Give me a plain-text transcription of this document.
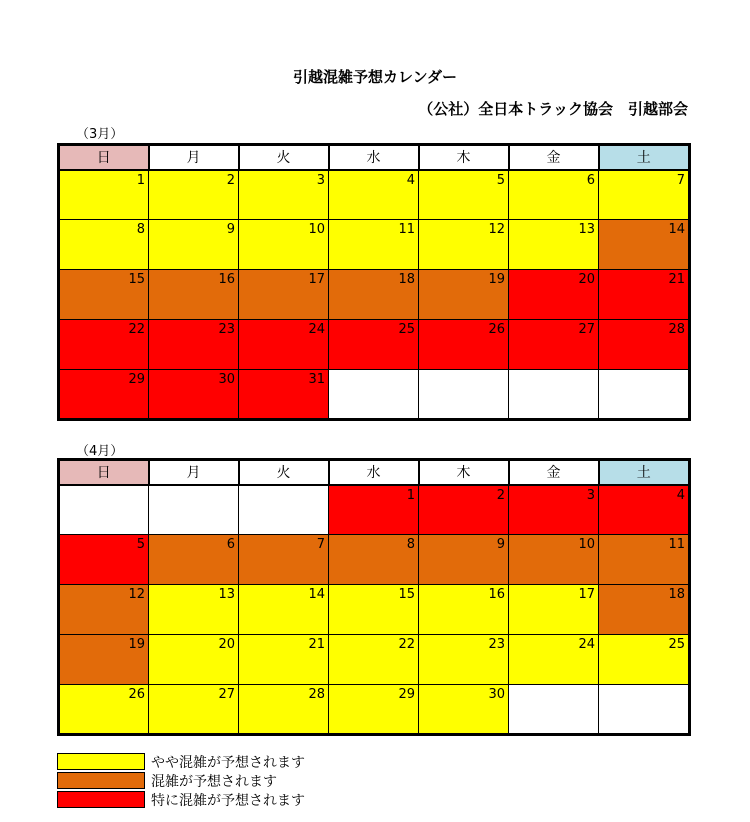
引越混雑予想カレンダー
（公社）全日本トラック協会　引越部会
（3月）
日	月	火	水	木	金	土
1	2	3	4	5	6	7
8	9	10	11	12	13	14
15	16	17	18	19	20	21
22	23	24	25	26	27	28
29	30	31				
（4月）
日	月	火	水	木	金	土
			1	2	3	4
5	6	7	8	9	10	11
12	13	14	15	16	17	18
19	20	21	22	23	24	25
26	27	28	29	30		
やや混雑が予想されます
混雑が予想されます
特に混雑が予想されます
